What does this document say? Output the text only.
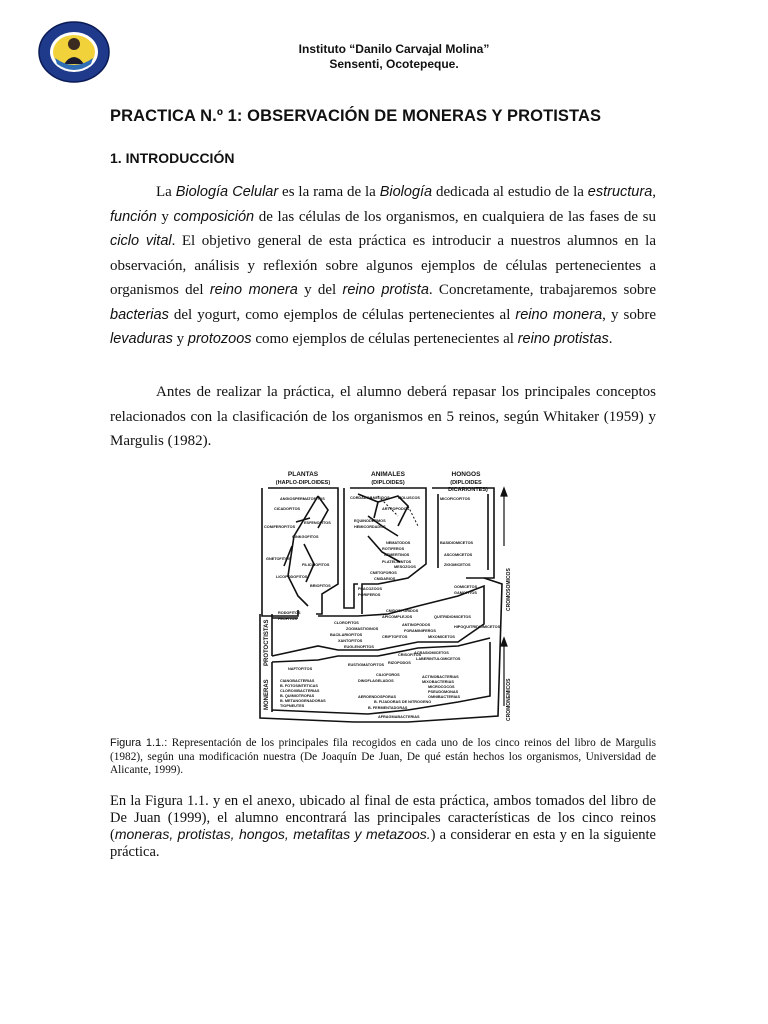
Instituto “Danilo Carvajal Molina”
Sensenti, Ocotepeque.
PRACTICA N.º 1: OBSERVACIÓN DE MONERAS Y PROTISTAS
1. INTRODUCCIÓN
La Biología Celular es la rama de la Biología dedicada al estudio de la estructura, función y composición de las células de los organismos, en cualquiera de las fases de su ciclo vital. El objetivo general de esta práctica es introducir a nuestros alumnos en la observación, análisis y reflexión sobre algunos ejemplos de células pertenecientes a organismos del reino monera y del reino protista. Concretamente, trabajaremos sobre bacterias del yogurt, como ejemplos de células pertenecientes al reino monera, y sobre levaduras y protozoos como ejemplos de células pertenecientes al reino protistas.
Antes de realizar la práctica, el alumno deberá repasar los principales conceptos relacionados con la clasificación de los organismos en 5 reinos, según Whitaker (1959) y Margulis (1982).
PLANTAS
(HAPLO-DIPLOIDES)
ANIMALES
(DIPLOIDES)
HONGOS
(DIPLOIDES
DICARIONTES)
PROTOCTISTAS
MONERAS
CROMOSOMICOS
CROMONEMICOS
ANGIOSPERMATOFITOS
CICADOFITOS
ESFENOFITOS
CONIFEROFITOS
GINKGOFITOS
GNETOFITOS
FILICINOFITOS
LICOPODOFITOS
BRIOFITOS
CORDADOS
ANELIDOS MOLUSCOS
ARTROPODOS
EQUINODERMOS
HEMICORDADOS
NEMATODOS
ROTIFEROS
NEMERTINOS
PLATELMINTOS
MESOZOOS
CNETOFOROS
CNIDARIOS
PLACOZOOS
PORIFEROS
MICOFICOFITOS
BASIDIOMICETOS
ASCOMICETOS
ZIGOMICETOS
OOMICETOS
GAMOFITOS
RODOFITOS
FEOFITOS
CNIDOSPORIDOS
APICOMPLEJOS	QUITRIDIOMICETOS
CLOROFITOS
ZOOMASTIGINOS
BACILARIOFITOS
XANTOFITOS
ANTINOPODOS
FORAMINIFEROS
HIPOQUITRIDIOMICETOS
CRIPTOFITOS	MIXOMICETOS
EUGLENOFITOS
CRISOFITOS
ACRASIOMICETOS
LABERINTULOMICETOS
RIZOPODOS
EUSTIGMATOFITOS
CILIOFOROS
DINOFLAGELADOS
NAFTOFITOS
CIANOBACTERIAS
B. FOTOSINTETICAS
CLOROXIBACTERIAS
B. QUIMIOTROFAS
B. METANOGENADORAS
TIOPNEUTES
ACTINOBACTERIAS
MIXOBACTERIAS
MICROCOCOS
PSEUDOMONAS
OMNIBACTERIAS
AEROENDOSPORAS
B. FIJADORAS DE NITROGENO
B. FERMENTADORAS
AFRAGMABACTERIAS
Figura 1.1.: Representación de los principales fila recogidos en cada uno de los cinco reinos del libro de Margulis (1982), según una modificación nuestra (De Joaquín De Juan, De qué están hechos los organismos, Universidad de Alicante, 1999).
En la Figura 1.1. y en el anexo, ubicado al final de esta práctica, ambos tomados del libro de De Juan (1999), el alumno encontrará las principales características de los cinco reinos (moneras, protistas, hongos, metafitas y metazoos.) a considerar en esta y en la siguiente práctica.
